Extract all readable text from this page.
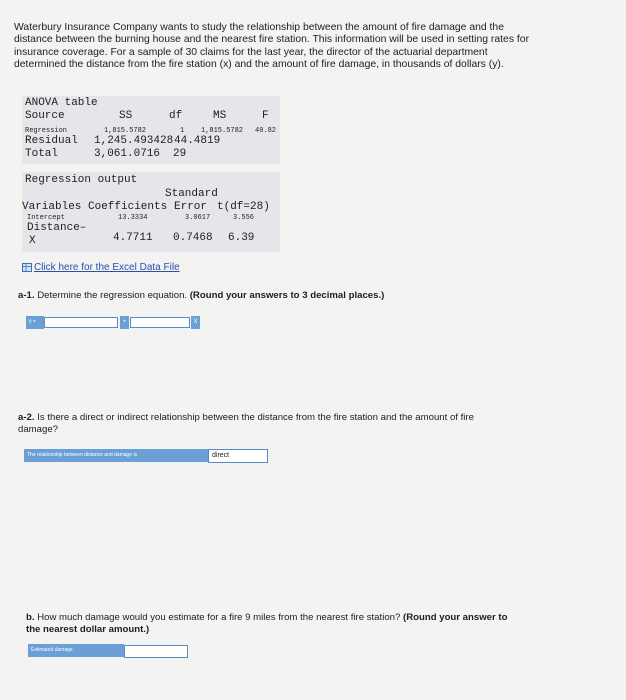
Waterbury Insurance Company wants to study the relationship between the amount of fire damage and the
distance between the burning house and the nearest fire station. This information will be used in setting rates for
insurance coverage. For a sample of 30 claims for the last year, the director of the actuarial department
determined the distance from the fire station (x) and the amount of fire damage, in thousands of dollars (y).
ANOVA table
Source	SS	df	MS	F
Regression	1,815.5782	1 1,815.5782 40.82
Residual 1,245.4934 28 44.4819
Total	3,061.0716 29
Regression output
Standard
Variables Coefficients Error t(df=28)
Intercept	13.3334	3.0617	3.556
Distance–
X	4.7711 0.7468 6.39
Click here for the Excel Data File
a-1. Determine the regression equation. (Round your answers to 3 decimal places.)
ŷ =	+	X
a-2. Is there a direct or indirect relationship between the distance from the fire station and the amount of fire
damage?
The relationship between distance and damage is	direct
b. How much damage would you estimate for a fire 9 miles from the nearest fire station? (Round your answer to
the nearest dollar amount.)
Estimated damage
